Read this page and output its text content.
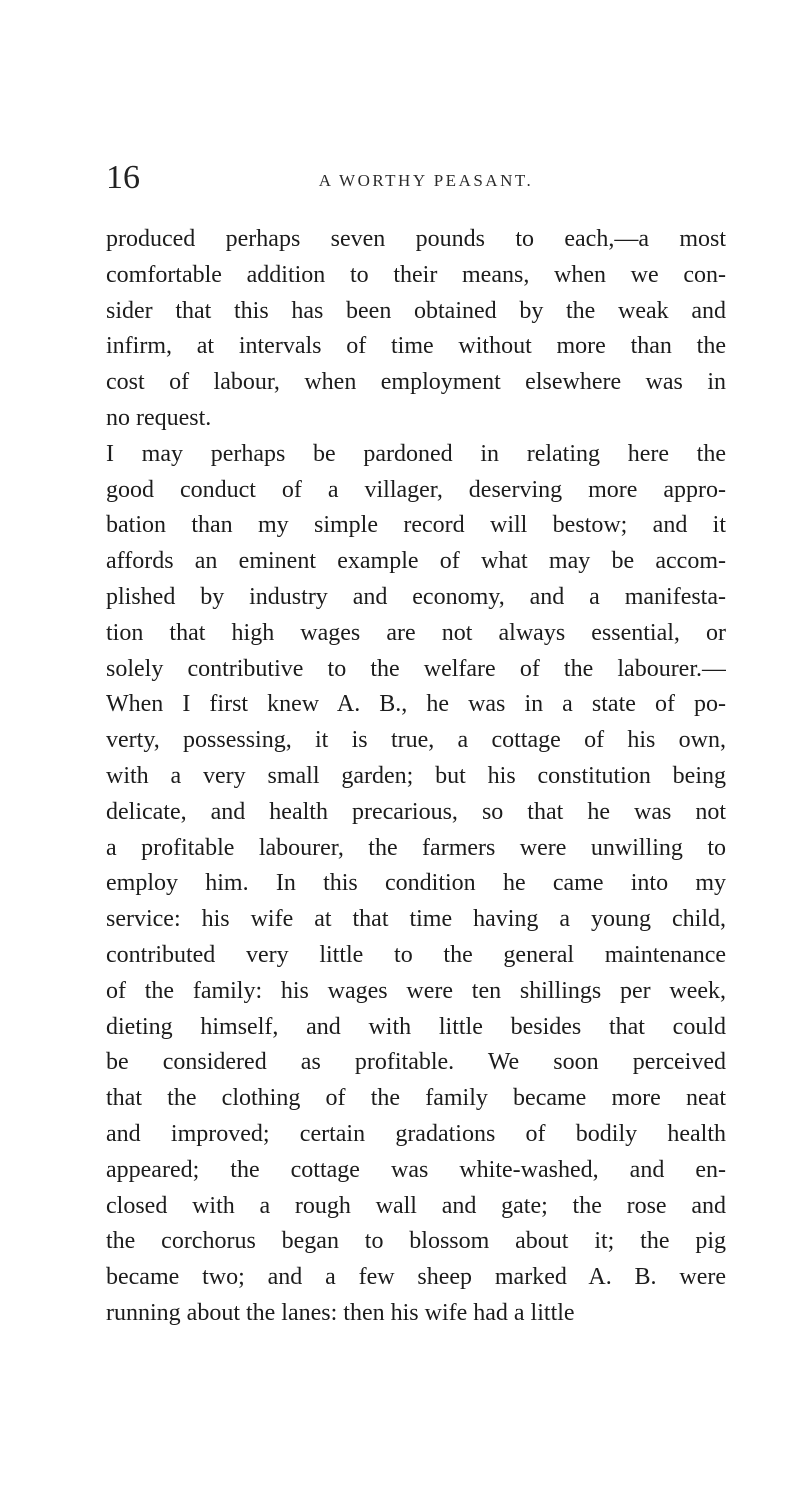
16	A WORTHY PEASANT.
produced perhaps seven pounds to each,—a most
comfortable addition to their means, when we con-
sider that this has been obtained by the weak and
infirm, at intervals of time without more than the
cost of labour, when employment elsewhere was in
no request.
I may perhaps be pardoned in relating here the
good conduct of a villager, deserving more appro-
bation than my simple record will bestow; and it
affords an eminent example of what may be accom-
plished by industry and economy, and a manifesta-
tion that high wages are not always essential, or
solely contributive to the welfare of the labourer.—
When I first knew A. B., he was in a state of po-
verty, possessing, it is true, a cottage of his own,
with a very small garden; but his constitution being
delicate, and health precarious, so that he was not
a profitable labourer, the farmers were unwilling to
employ him. In this condition he came into my
service: his wife at that time having a young child,
contributed very little to the general maintenance
of the family: his wages were ten shillings per week,
dieting himself, and with little besides that could
be considered as profitable. We soon perceived
that the clothing of the family became more neat
and improved; certain gradations of bodily health
appeared; the cottage was white-washed, and en-
closed with a rough wall and gate; the rose and
the corchorus began to blossom about it; the pig
became two; and a few sheep marked A. B. were
running about the lanes: then his wife had a little
